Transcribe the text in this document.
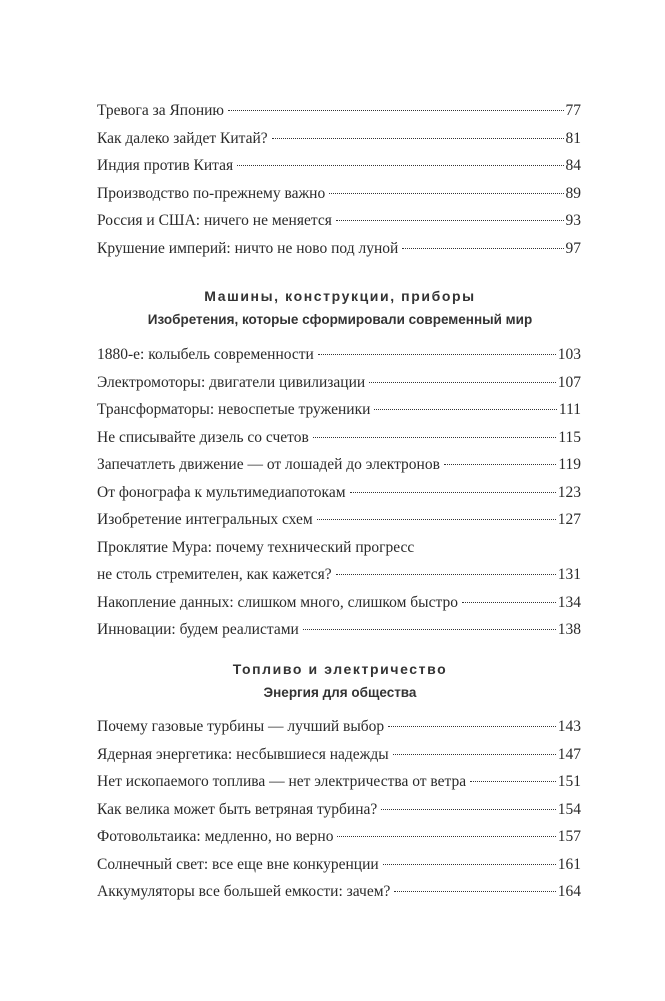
Тревога за Японию	77
Как далеко зайдет Китай?	81
Индия против Китая	84
Производство по-прежнему важно	89
Россия и США: ничего не меняется	93
Крушение империй: ничто не ново под луной	97
Машины, конструкции, приборы
Изобретения, которые сформировали современный мир
1880-е: колыбель современности	103
Электромоторы: двигатели цивилизации	107
Трансформаторы: невоспетые труженики	111
Не списывайте дизель со счетов	115
Запечатлеть движение — от лошадей до электронов	119
От фонографа к мультимедиапотокам	123
Изобретение интегральных схем	127
Проклятие Мура: почему технический прогресс
не столь стремителен, как кажется?	131
Накопление данных: слишком много, слишком быстро	134
Инновации: будем реалистами	138
Топливо и электричество
Энергия для общества
Почему газовые турбины — лучший выбор	143
Ядерная энергетика: несбывшиеся надежды	147
Нет ископаемого топлива — нет электричества от ветра	151
Как велика может быть ветряная турбина?	154
Фотовольтаика: медленно, но верно	157
Солнечный свет: все еще вне конкуренции	161
Аккумуляторы все большей емкости: зачем?	164
